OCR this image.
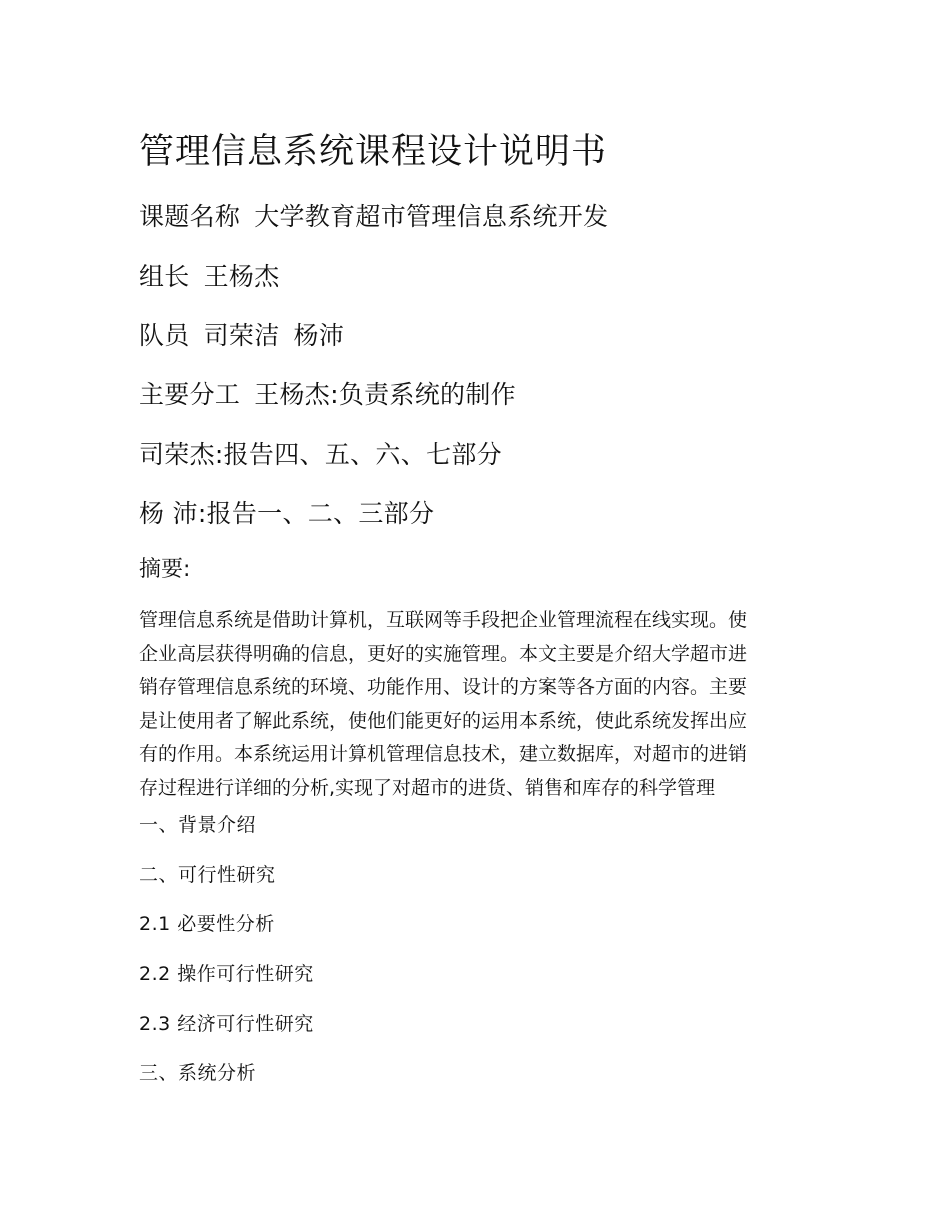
管理信息系统课程设计说明书
课题名称 大学教育超市管理信息系统开发
组长 王杨杰
队员 司荣洁 杨沛
主要分工 王杨杰:负责系统的制作
司荣杰:报告四、五、六、七部分
杨 沛:报告一、二、三部分
摘要:
管理信息系统是借助计算机，互联网等手段把企业管理流程在线实现。使
企业高层获得明确的信息，更好的实施管理。本文主要是介绍大学超市进
销存管理信息系统的环境、功能作用、设计的方案等各方面的内容。主要
是让使用者了解此系统，使他们能更好的运用本系统，使此系统发挥出应
有的作用。本系统运用计算机管理信息技术，建立数据库，对超市的进销
存过程进行详细的分析,实现了对超市的进货、销售和库存的科学管理
一、背景介绍
二、可行性研究
2.1 必要性分析
2.2 操作可行性研究
2.3 经济可行性研究
三、系统分析
